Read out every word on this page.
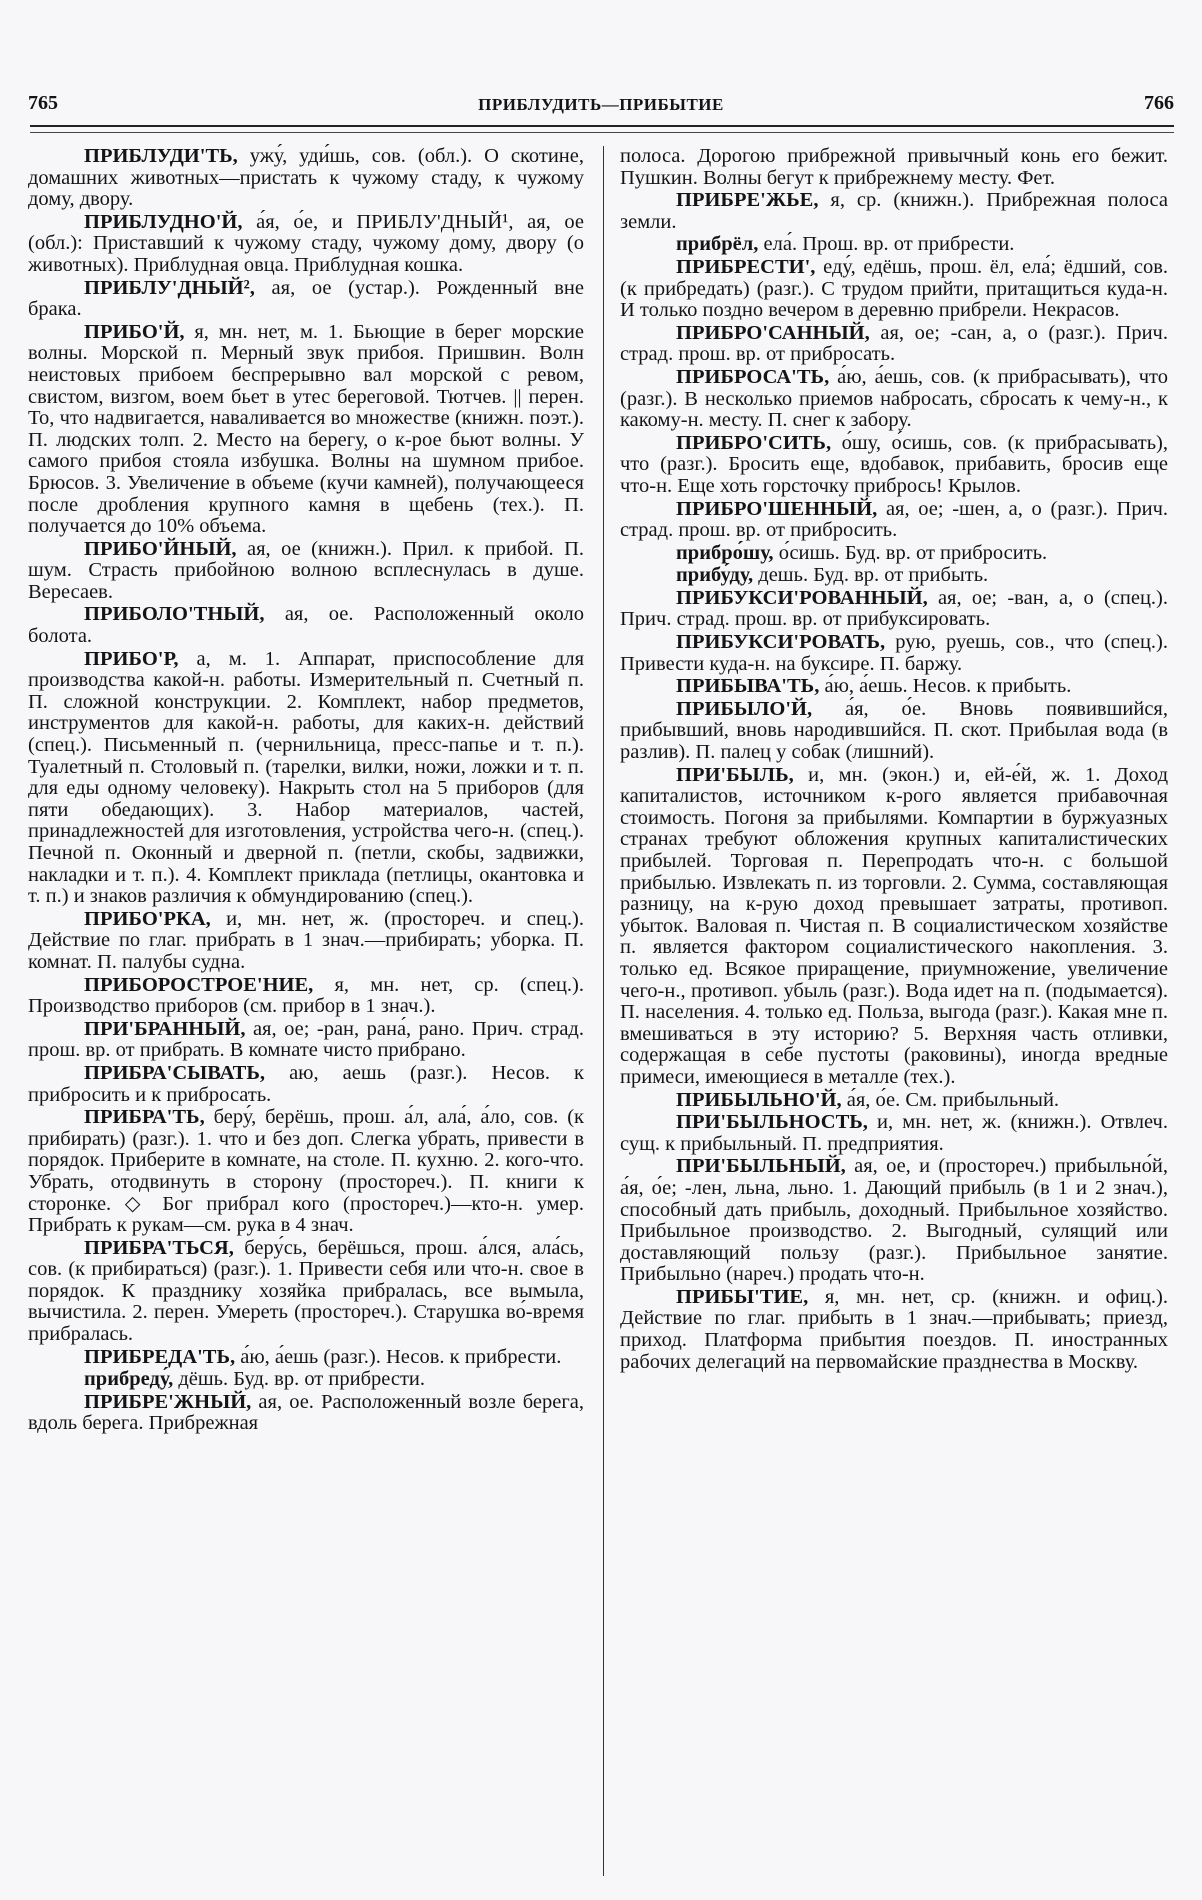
765	ПРИБЛУДИТЬ—ПРИБЫТИЕ	766

ПРИБЛУДИ'ТЬ, ужу́, уди́шь, сов. (обл.). О скотине, домашних животных—пристать к чужому стаду, к чужому дому, двору.

ПРИБЛУДНО'Й, а́я, о́е, и ПРИБЛУ'ДНЫЙ¹, ая, ое (обл.): Приставший к чужому стаду, чужому дому, двору (о животных). Приблудная овца. Приблудная кошка.

ПРИБЛУ'ДНЫЙ², ая, ое (устар.). Рожденный вне брака.

ПРИБО'Й, я, мн. нет, м. 1. Бьющие в берег морские волны. Морской п. Мерный звук прибоя. Пришвин. Волн неистовых прибоем беспрерывно вал морской с ревом, свистом, визгом, воем бьет в утес береговой. Тютчев. || перен. То, что надвигается, наваливается во множестве (книжн. поэт.). П. людских толп. 2. Место на берегу, о к-рое бьют волны. У самого прибоя стояла избушка. Волны на шумном прибое. Брюсов. 3. Увеличение в объеме (кучи камней), получающееся после дробления крупного камня в щебень (тех.). П. получается до 10% объема.

ПРИБО'ЙНЫЙ, ая, ое (книжн.). Прил. к прибой. П. шум. Страсть прибойною волною всплеснулась в душе. Вересаев.

ПРИБОЛО'ТНЫЙ, ая, ое. Расположенный около болота.

ПРИБО'Р, а, м. 1. Аппарат, приспособление для производства какой-н. работы. Измерительный п. Счетный п. П. сложной конструкции. 2. Комплект, набор предметов, инструментов для какой-н. работы, для каких-н. действий (спец.). Письменный п. (чернильница, пресс-папье и т. п.). Туалетный п. Столовый п. (тарелки, вилки, ножи, ложки и т. п. для еды одному человеку). Накрыть стол на 5 приборов (для пяти обедающих). 3. Набор материалов, частей, принадлежностей для изготовления, устройства чего-н. (спец.). Печной п. Оконный и дверной п. (петли, скобы, задвижки, накладки и т. п.). 4. Комплект приклада (петлицы, окантовка и т. п.) и знаков различия к обмундированию (спец.).

ПРИБО'РКА, и, мн. нет, ж. (простореч. и спец.). Действие по глаг. прибрать в 1 знач.—прибирать; уборка. П. комнат. П. палубы судна.

ПРИБОРОСТРОЕ'НИЕ, я, мн. нет, ср. (спец.). Производство приборов (см. прибор в 1 знач.).

ПРИ'БРАННЫЙ, ая, ое; -ран, рана́, рано. Прич. страд. прош. вр. от прибрать. В комнате чисто прибрано.

ПРИБРА'СЫВАТЬ, аю, аешь (разг.). Несов. к прибросить и к прибросать.

ПРИБРА'ТЬ, беру́, берёшь, прош. а́л, ала́, а́ло, сов. (к прибирать) (разг.). 1. что и без доп. Слегка убрать, привести в порядок. Приберите в комнате, на столе. П. кухню. 2. кого-что. Убрать, отодвинуть в сторону (простореч.). П. книги к сторонке. ◇ Бог прибрал кого (простореч.)—кто-н. умер. Прибрать к рукам—см. рука в 4 знач.

ПРИБРА'ТЬСЯ, беру́сь, берёшься, прош. а́лся, ала́сь, сов. (к прибираться) (разг.). 1. Привести себя или что-н. свое в порядок. К празднику хозяйка прибралась, все вымыла, вычистила. 2. перен. Умереть (простореч.). Старушка во́-время прибралась.

ПРИБРЕДА'ТЬ, а́ю, а́ешь (разг.). Несов. к прибрести.

прибреду́, дёшь. Буд. вр. от прибрести.

ПРИБРЕ'ЖНЫЙ, ая, ое. Расположенный возле берега, вдоль берега. Прибрежная

полоса. Дорогою прибрежной привычный конь его бежит. Пушкин. Волны бегут к прибрежнему месту. Фет.

ПРИБРЕ'ЖЬЕ, я, ср. (книжн.). Прибрежная полоса земли.

прибрёл, ела́. Прош. вр. от прибрести.

ПРИБРЕСТИ', еду́, едёшь, прош. ёл, ела́; ёдший, сов. (к прибредать) (разг.). С трудом прийти, притащиться куда-н. И только поздно вечером в деревню прибрели. Некрасов.

ПРИБРО'САННЫЙ, ая, ое; -сан, а, о (разг.). Прич. страд. прош. вр. от прибросать.

ПРИБРОСА'ТЬ, а́ю, а́ешь, сов. (к прибрасывать), что (разг.). В несколько приемов набросать, сбросать к чему-н., к какому-н. месту. П. снег к забору.

ПРИБРО'СИТЬ, о́шу, о́сишь, сов. (к прибрасывать), что (разг.). Бросить еще, вдобавок, прибавить, бросив еще что-н. Еще хоть горсточку прибрось! Крылов.

ПРИБРО'ШЕННЫЙ, ая, ое; -шен, а, о (разг.). Прич. страд. прош. вр. от прибросить.

прибро́шу, о́сишь. Буд. вр. от прибросить.

прибу́ду, дешь. Буд. вр. от прибыть.

ПРИБУКСИ'РОВАННЫЙ, ая, ое; -ван, а, о (спец.). Прич. страд. прош. вр. от прибуксировать.

ПРИБУКСИ'РОВАТЬ, рую, руешь, сов., что (спец.). Привести куда-н. на буксире. П. баржу.

ПРИБЫВА'ТЬ, а́ю, а́ешь. Несов. к прибыть.

ПРИБЫЛО'Й, а́я, о́е. Вновь появившийся, прибывший, вновь народившийся. П. скот. Прибылая вода (в разлив). П. палец у собак (лишний).

ПРИ'БЫЛЬ, и, мн. (экон.) и, ей-е́й, ж. 1. Доход капиталистов, источником к-рого является прибавочная стоимость. Погоня за прибылями. Компартии в буржуазных странах требуют обложения крупных капиталистических прибылей. Торговая п. Перепродать что-н. с большой прибылью. Извлекать п. из торговли. 2. Сумма, составляющая разницу, на к-рую доход превышает затраты, противоп. убыток. Валовая п. Чистая п. В социалистическом хозяйстве п. является фактором социалистического накопления. 3. только ед. Всякое приращение, приумножение, увеличение чего-н., противоп. убыль (разг.). Вода идет на п. (подымается). П. населения. 4. только ед. Польза, выгода (разг.). Какая мне п. вмешиваться в эту историю? 5. Верхняя часть отливки, содержащая в себе пустоты (раковины), иногда вредные примеси, имеющиеся в металле (тех.).

ПРИБЫЛЬНО'Й, а́я, о́е. См. прибыльный.

ПРИ'БЫЛЬНОСТЬ, и, мн. нет, ж. (книжн.). Отвлеч. сущ. к прибыльный. П. предприятия.

ПРИ'БЫЛЬНЫЙ, ая, ое, и (простореч.) прибыльно́й, а́я, о́е; -лен, льна, льно. 1. Дающий прибыль (в 1 и 2 знач.), способный дать прибыль, доходный. Прибыльное хозяйство. Прибыльное производство. 2. Выгодный, сулящий или доставляющий пользу (разг.). Прибыльное занятие. Прибыльно (нареч.) продать что-н.

ПРИБЫ'ТИЕ, я, мн. нет, ср. (книжн. и офиц.). Действие по глаг. прибыть в 1 знач.—прибывать; приезд, приход. Платформа прибытия поездов. П. иностранных рабочих делегаций на первомайские празднества в Москву.
